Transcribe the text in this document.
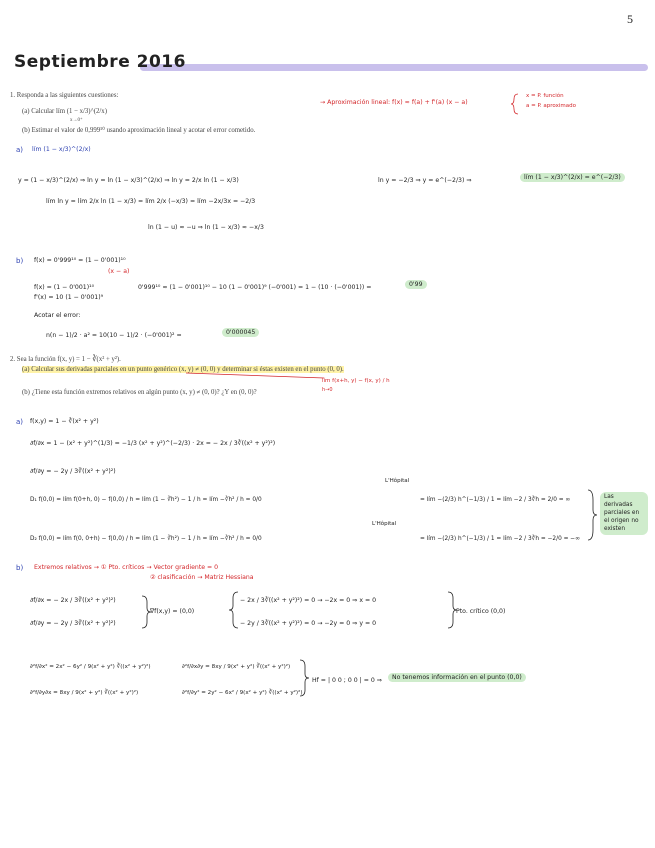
5
Septiembre 2016
1. Responda a las siguientes cuestiones:
(a) Calcular lím (1 − x/3)^(2/x)
x→0⁺
(b) Estimar el valor de 0,999¹⁰ usando aproximación lineal y acotar el error cometido.
→ Aproximación lineal: f(x) ≈ f(a) + f'(a) (x − a)
x = P. función
a = P. aproximado
a) lím (1 − x/3)^(2/x)
y = (1 − x/3)^(2/x) ⇒ ln y = ln (1 − x/3)^(2/x) ⇒ ln y = 2/x ln (1 − x/3)	ln y = −2/3 ⇒ y = e^(−2/3) ⇒	lím (1 − x/3)^(2/x) = e^(−2/3)
lím ln y = lím 2/x ln (1 − x/3) = lím 2/x (−x/3) = lím −2x/3x = −2/3
ln (1 − u) ≈ −u ⇒ ln (1 − x/3) ≈ −x/3
b) f(x) = 0'999¹⁰ = (1 − 0'001)¹⁰
(x − a)
f(x) = (1 − 0'001)¹⁰
f'(x) = 10 (1 − 0'001)⁹
0'999¹⁰ ≈ (1 − 0'001)¹⁰ − 10 (1 − 0'001)⁹ (−0'001) = 1 − (10 · (−0'001)) =	0'99
Acotar el error:
n(n − 1)/2 · a² = 10(10 − 1)/2 · (−0'001)² =	0'000045
2. Sea la función f(x, y) = 1 − ∛(x² + y²).
(a) Calcular sus derivadas parciales en un punto genérico (x, y) ≠ (0, 0) y determinar si éstas existen en el punto (0, 0).
(b) ¿Tiene esta función extremos relativos en algún punto (x, y) ≠ (0, 0)? ¿Y en (0, 0)?
lím f(x+h, y) − f(x, y) / h
h→0
a) f(x,y) = 1 − ∛(x² + y²)
∂f/∂x = 1 − (x² + y²)^(1/3) = −1/3 (x² + y²)^(−2/3) · 2x = − 2x / 3∛((x² + y²)²)
∂f/∂y = − 2y / 3∛((x² + y²)²)
D₁ f(0,0) = lím f(0+h, 0) − f(0,0) / h = lím (1 − ∛h²) − 1 / h = lím −∛h² / h = 0/0
L'Hôpital
= lím −(2/3) h^(−1/3) / 1 = lím −2 / 3∛h = 2/0 = ∞
D₂ f(0,0) = lím f(0, 0+h) − f(0,0) / h = lím (1 − ∛h²) − 1 / h = lím −∛h² / h = 0/0
L'Hôpital
= lím −(2/3) h^(−1/3) / 1 = lím −2 / 3∛h = −2/0 = −∞
Las derivadas parciales en el origen no existen
b) Extremos relativos → ① Pto. críticos → Vector gradiente = 0
② clasificación → Matriz Hessiana
∂f/∂x = − 2x / 3∛((x² + y²)²)
∂f/∂y = − 2y / 3∛((x² + y²)²)
∇f(x,y) = (0,0)
− 2x / 3∛((x² + y²)²) = 0 → −2x = 0 ⇒ x = 0
− 2y / 3∛((x² + y²)²) = 0 → −2y = 0 ⇒ y = 0
Pto. crítico (0,0)
∂²f/∂x² = 2x² − 6y² / 9(x² + y²) ∛((x² + y²)²)
∂²f/∂y∂x = 8xy / 9(x² + y²) ∛((x² + y²)²)
∂²f/∂x∂y = 8xy / 9(x² + y²) ∛((x² + y²)²)
∂²f/∂y² = 2y² − 6x² / 9(x² + y²) ∛((x² + y²)²)
Hf = | 0 0 ; 0 0 | = 0 ⇒	No tenemos información en el punto (0,0)
